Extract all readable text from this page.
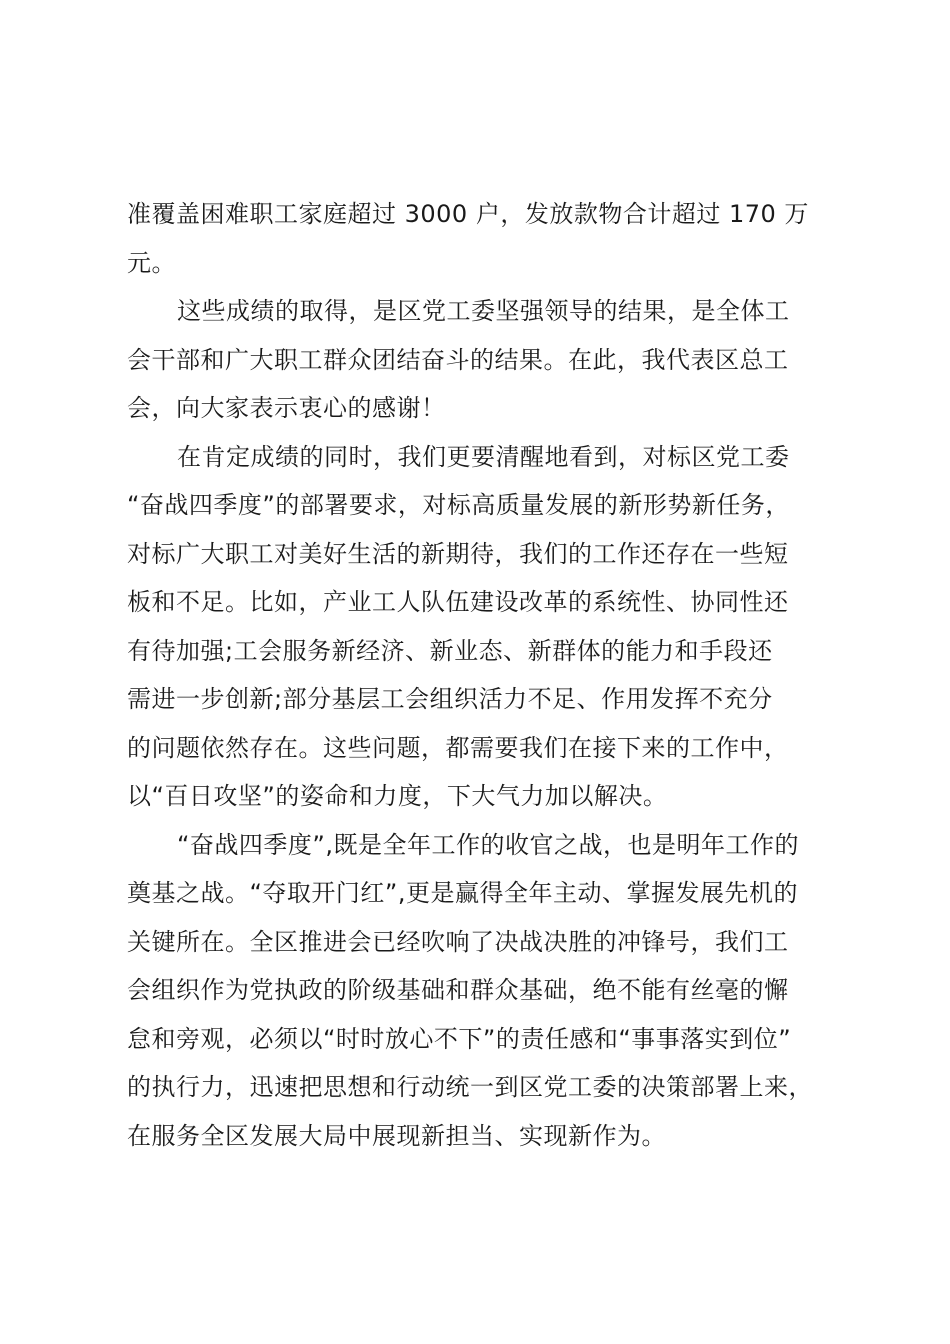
准覆盖困难职工家庭超过 3000 户，发放款物合计超过 170 万
元。
这些成绩的取得，是区党工委坚强领导的结果，是全体工
会干部和广大职工群众团结奋斗的结果。在此，我代表区总工
会，向大家表示衷心的感谢！
在肯定成绩的同时，我们更要清醒地看到，对标区党工委
“奋战四季度”的部署要求，对标高质量发展的新形势新任务，
对标广大职工对美好生活的新期待，我们的工作还存在一些短
板和不足。比如，产业工人队伍建设改革的系统性、协同性还
有待加强;工会服务新经济、新业态、新群体的能力和手段还
需进一步创新;部分基层工会组织活力不足、作用发挥不充分
的问题依然存在。这些问题，都需要我们在接下来的工作中，
以“百日攻坚”的姿命和力度，下大气力加以解决。
“奋战四季度”,既是全年工作的收官之战，也是明年工作的
奠基之战。“夺取开门红”,更是赢得全年主动、掌握发展先机的
关键所在。全区推进会已经吹响了决战决胜的冲锋号，我们工
会组织作为党执政的阶级基础和群众基础，绝不能有丝毫的懈
怠和旁观，必须以“时时放心不下”的责任感和“事事落实到位”
的执行力，迅速把思想和行动统一到区党工委的决策部署上来，
在服务全区发展大局中展现新担当、实现新作为。
